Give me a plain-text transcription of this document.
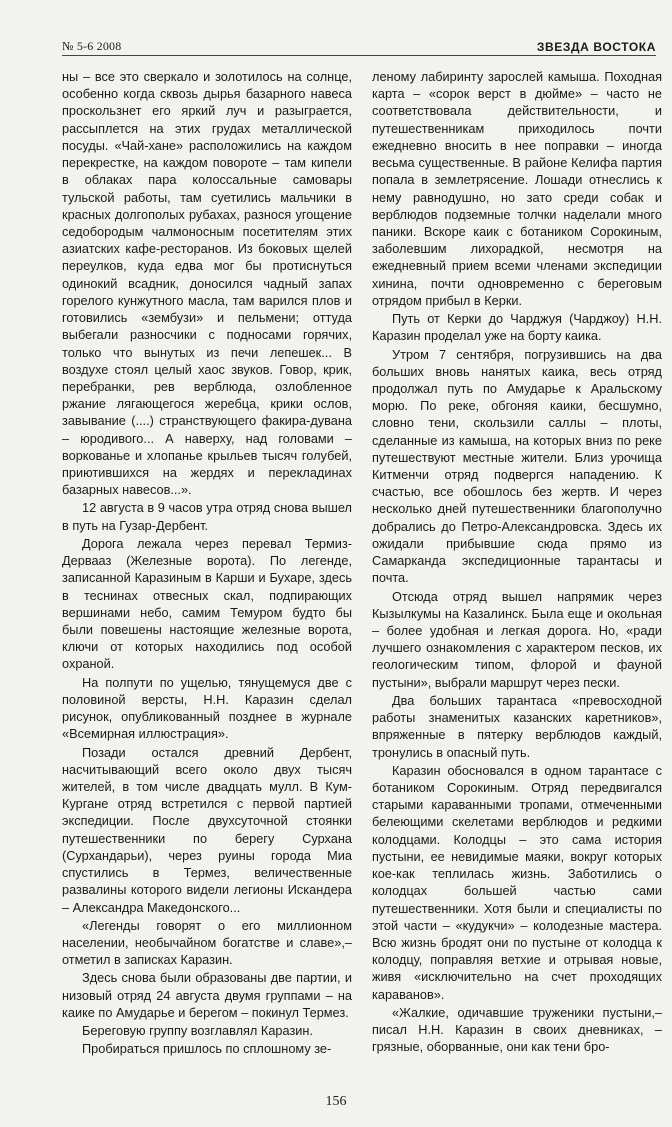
№ 5-6 2008	ЗВЕЗДА ВОСТОКА

ны – все это сверкало и золотилось на солнце, особенно когда сквозь дырья базарного навеса проскользнет его яркий луч и разыграется, рассыплется на этих грудах металлической посуды. «Чай-хане» расположились на каждом перекрестке, на каждом повороте – там кипели в облаках пара колоссальные самовары тульской работы, там суетились мальчики в красных долгополых рубахах, разнося угощение седобородым чалмоносным посетителям этих азиатских кафе-ресторанов. Из боковых щелей переулков, куда едва мог бы протиснуться одинокий всадник, доносился чадный запах горелого кунжутного масла, там варился плов и готовились «зембузи» и пельмени; оттуда выбегали разносчики с подносами горячих, только что вынутых из печи лепешек... В воздухе стоял целый хаос звуков. Говор, крик, перебранки, рев верблюда, озлобленное ржание лягающегося жеребца, крики ослов, завывание (....) странствующего факира-дувана – юродивого... А наверху, над головами – воркованье и хлопанье крыльев тысяч голубей, приютившихся на жердях и перекладинах базарных навесов...».

12 августа в 9 часов утра отряд снова вышел в путь на Гузар-Дербент.

Дорога лежала через перевал Термиз-Дервааз (Железные ворота). По легенде, записанной Каразиным в Карши и Бухаре, здесь в теснинах отвесных скал, подпирающих вершинами небо, самим Темуром будто бы были повешены настоящие железные ворота, ключи от которых находились под особой охраной.

На полпути по ущелью, тянущемуся две с половиной версты, Н.Н. Каразин сделал рисунок, опубликованный позднее в журнале «Всемирная иллюстрация».

Позади остался древний Дербент, насчитывающий всего около двух тысяч жителей, в том числе двадцать мулл. В Кум-Кургане отряд встретился с первой партией экспедиции. После двухсуточной стоянки путешественники по берегу Сурхана (Сурхандарьи), через руины города Миа спустились в Термез, величественные развалины которого видели легионы Искандера – Александра Македонского...

«Легенды говорят о его миллионном населении, необычайном богатстве и славе»,– отметил в записках Каразин.

Здесь снова были образованы две партии, и низовый отряд 24 августа двумя группами – на каике по Амударье и берегом – покинул Термез.

Береговую группу возглавлял Каразин.

Пробираться пришлось по сплошному зе-

леному лабиринту зарослей камыша. Походная карта – «сорок верст в дюйме» – часто не соответствовала действительности, и путешественникам приходилось почти ежедневно вносить в нее поправки – иногда весьма существенные. В районе Келифа партия попала в землетрясение. Лошади отнеслись к нему равнодушно, но зато среди собак и верблюдов подземные толчки наделали много паники. Вскоре каик с ботаником Сорокиным, заболевшим лихорадкой, несмотря на ежедневный прием всеми членами экспедиции хинина, почти одновременно с береговым отрядом прибыл в Керки.

Путь от Керки до Чарджуя (Чарджоу) Н.Н. Каразин проделал уже на борту каика.

Утром 7 сентября, погрузившись на два больших вновь нанятых каика, весь отряд продолжал путь по Амударье к Аральскому морю. По реке, обгоняя каики, бесшумно, словно тени, скользили саллы – плоты, сделанные из камыша, на которых вниз по реке путешествуют местные жители. Близ урочища Китменчи отряд подвергся нападению. К счастью, все обошлось без жертв. И через несколько дней путешественники благополучно добрались до Петро-Александровска. Здесь их ожидали прибывшие сюда прямо из Самарканда экспедиционные тарантасы и почта.

Отсюда отряд вышел напрямик через Кызылкумы на Казалинск. Была еще и окольная – более удобная и легкая дорога. Но, «ради лучшего ознакомления с характером песков, их геологическим типом, флорой и фауной пустыни», выбрали маршрут через пески.

Два больших тарантаса «превосходной работы знаменитых казанских каретников», впряженные в пятерку верблюдов каждый, тронулись в опасный путь.

Каразин обосновался в одном тарантасе с ботаником Сорокиным. Отряд передвигался старыми караванными тропами, отмеченными белеющими скелетами верблюдов и редкими колодцами. Колодцы – это сама история пустыни, ее невидимые маяки, вокруг которых кое-как теплилась жизнь. Заботились о колодцах большей частью сами путешественники. Хотя были и специалисты по этой части – «кудукчи» – колодезные мастера. Всю жизнь бродят они по пустыне от колодца к колодцу, поправляя ветхие и отрывая новые, живя «исключительно на счет проходящих караванов».

«Жалкие, одичавшие труженики пустыни,– писал Н.Н. Каразин в своих дневниках, – грязные, оборванные, они как тени бро-

156
